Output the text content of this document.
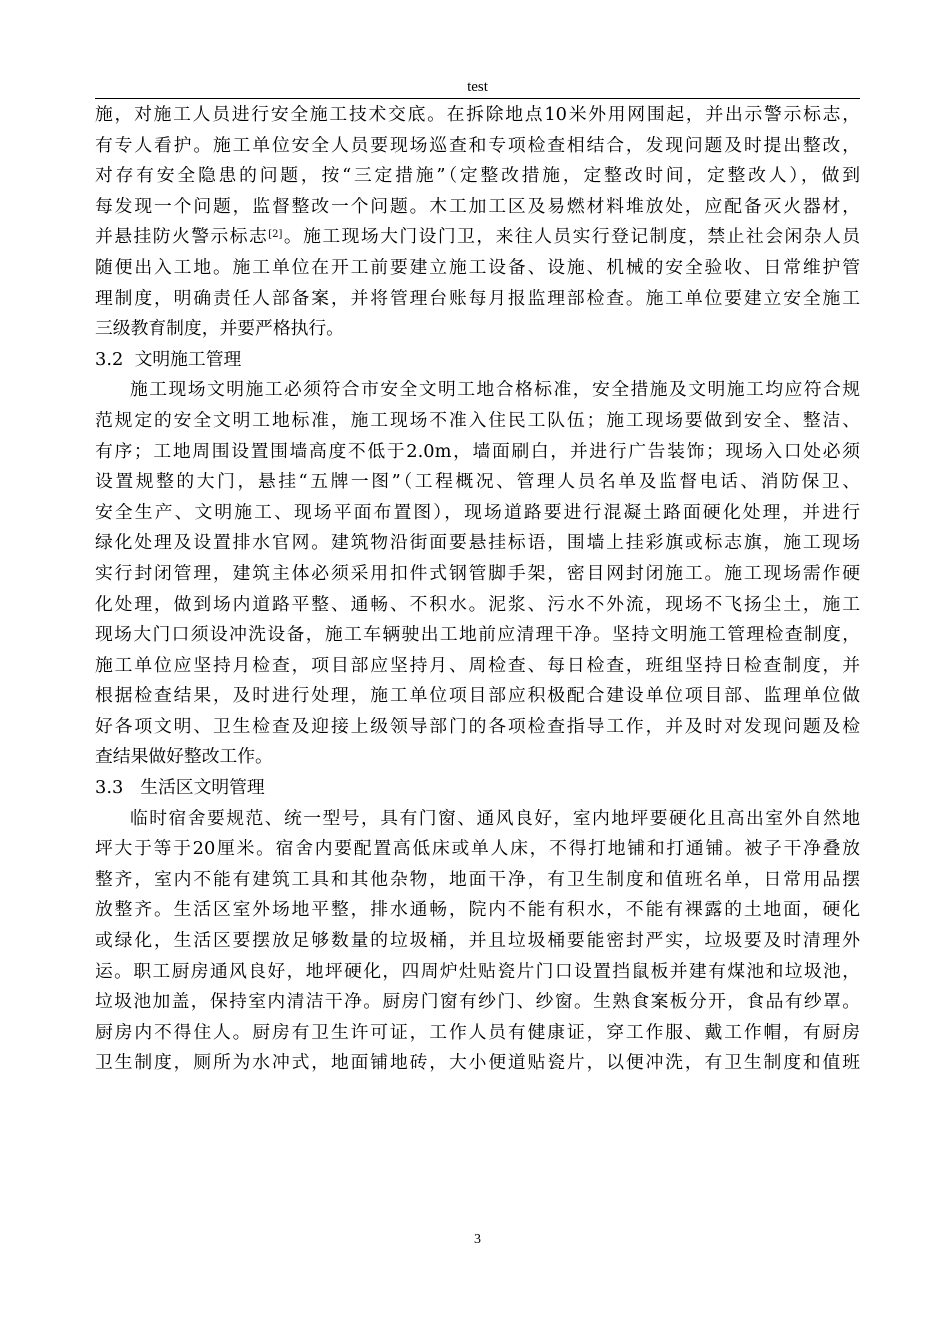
test

施，对施工人员进行安全施工技术交底。在拆除地点10米外用网围起，并出示警示标志，
有专人看护。施工单位安全人员要现场巡查和专项检查相结合，发现问题及时提出整改，
对存有安全隐患的问题，按“三定措施”（定整改措施，定整改时间，定整改人），做到
每发现一个问题，监督整改一个问题。木工加工区及易燃材料堆放处，应配备灭火器材，
并悬挂防火警示标志[2]。施工现场大门设门卫，来往人员实行登记制度，禁止社会闲杂人员
随便出入工地。施工单位在开工前要建立施工设备、设施、机械的安全验收、日常维护管
理制度，明确责任人部备案，并将管理台账每月报监理部检查。施工单位要建立安全施工
三级教育制度，并要严格执行。

3.2  文明施工管理

施工现场文明施工必须符合市安全文明工地合格标准，安全措施及文明施工均应符合规
范规定的安全文明工地标准，施工现场不准入住民工队伍；施工现场要做到安全、整洁、
有序；工地周围设置围墙高度不低于2.0m，墙面刷白，并进行广告装饰；现场入口处必须
设置规整的大门，悬挂“五牌一图”（工程概况、管理人员名单及监督电话、消防保卫、
安全生产、文明施工、现场平面布置图），现场道路要进行混凝土路面硬化处理，并进行
绿化处理及设置排水官网。建筑物沿街面要悬挂标语，围墙上挂彩旗或标志旗，施工现场
实行封闭管理，建筑主体必须采用扣件式钢管脚手架，密目网封闭施工。施工现场需作硬
化处理，做到场内道路平整、通畅、不积水。泥浆、污水不外流，现场不飞扬尘土，施工
现场大门口须设冲洗设备，施工车辆驶出工地前应清理干净。坚持文明施工管理检查制度，
施工单位应坚持月检查，项目部应坚持月、周检查、每日检查，班组坚持日检查制度，并
根据检查结果，及时进行处理，施工单位项目部应积极配合建设单位项目部、监理单位做
好各项文明、卫生检查及迎接上级领导部门的各项检查指导工作，并及时对发现问题及检
查结果做好整改工作。

3.3   生活区文明管理

临时宿舍要规范、统一型号，具有门窗、通风良好，室内地坪要硬化且高出室外自然地
坪大于等于20厘米。宿舍内要配置高低床或单人床，不得打地铺和打通铺。被子干净叠放
整齐，室内不能有建筑工具和其他杂物，地面干净，有卫生制度和值班名单，日常用品摆
放整齐。生活区室外场地平整，排水通畅，院内不能有积水，不能有裸露的土地面，硬化
或绿化，生活区要摆放足够数量的垃圾桶，并且垃圾桶要能密封严实，垃圾要及时清理外
运。职工厨房通风良好，地坪硬化，四周炉灶贴瓷片门口设置挡鼠板并建有煤池和垃圾池，
垃圾池加盖，保持室内清洁干净。厨房门窗有纱门、纱窗。生熟食案板分开，食品有纱罩。
厨房内不得住人。厨房有卫生许可证，工作人员有健康证，穿工作服、戴工作帽，有厨房
卫生制度，厕所为水冲式，地面铺地砖，大小便道贴瓷片，以便冲洗，有卫生制度和值班

3
